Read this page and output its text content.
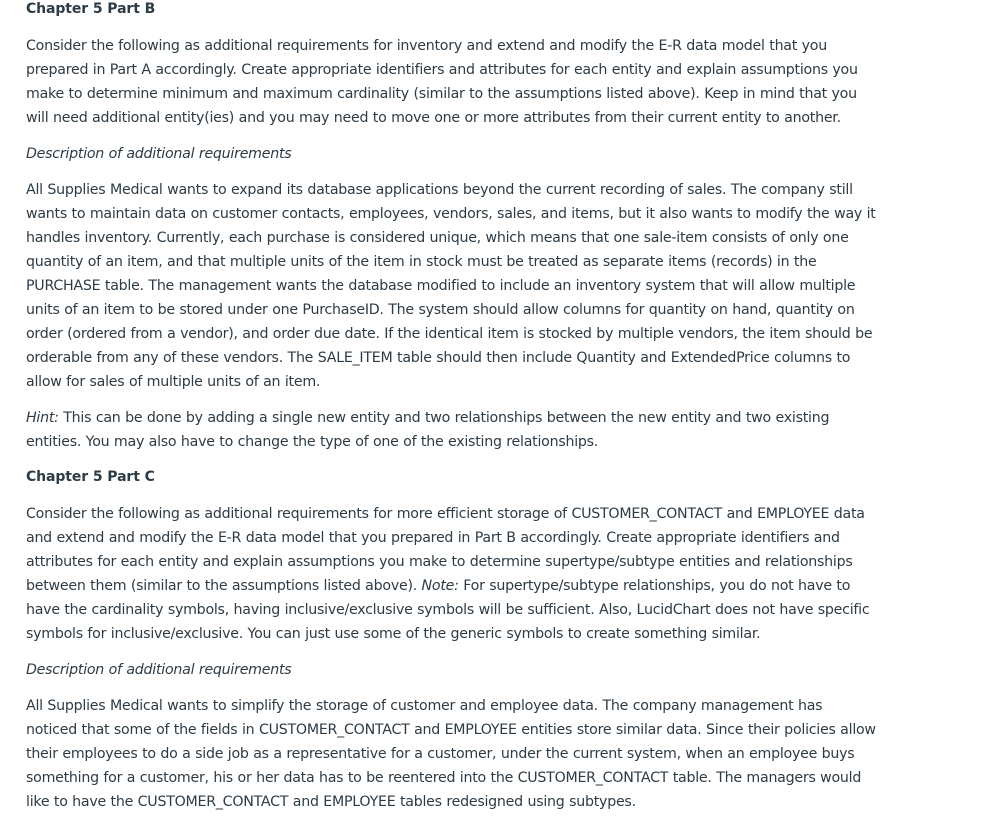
Chapter 5 Part B

Consider the following as additional requirements for inventory and extend and modify the E-R data model that you prepared in Part A accordingly. Create appropriate identifiers and attributes for each entity and explain assumptions you make to determine minimum and maximum cardinality (similar to the assumptions listed above). Keep in mind that you will need additional entity(ies) and you may need to move one or more attributes from their current entity to another.

Description of additional requirements

All Supplies Medical wants to expand its database applications beyond the current recording of sales. The company still wants to maintain data on customer contacts, employees, vendors, sales, and items, but it also wants to modify the way it handles inventory. Currently, each purchase is considered unique, which means that one sale-item consists of only one quantity of an item, and that multiple units of the item in stock must be treated as separate items (records) in the PURCHASE table. The management wants the database modified to include an inventory system that will allow multiple units of an item to be stored under one PurchaseID. The system should allow columns for quantity on hand, quantity on order (ordered from a vendor), and order due date. If the identical item is stocked by multiple vendors, the item should be orderable from any of these vendors. The SALE_ITEM table should then include Quantity and ExtendedPrice columns to allow for sales of multiple units of an item.

Hint: This can be done by adding a single new entity and two relationships between the new entity and two existing entities. You may also have to change the type of one of the existing relationships.

Chapter 5 Part C

Consider the following as additional requirements for more efficient storage of CUSTOMER_CONTACT and EMPLOYEE data and extend and modify the E-R data model that you prepared in Part B accordingly. Create appropriate identifiers and attributes for each entity and explain assumptions you make to determine supertype/subtype entities and relationships between them (similar to the assumptions listed above). Note: For supertype/subtype relationships, you do not have to have the cardinality symbols, having inclusive/exclusive symbols will be sufficient. Also, LucidChart does not have specific symbols for inclusive/exclusive. You can just use some of the generic symbols to create something similar.

Description of additional requirements

All Supplies Medical wants to simplify the storage of customer and employee data. The company management has noticed that some of the fields in CUSTOMER_CONTACT and EMPLOYEE entities store similar data. Since their policies allow their employees to do a side job as a representative for a customer, under the current system, when an employee buys something for a customer, his or her data has to be reentered into the CUSTOMER_CONTACT table. The managers would like to have the CUSTOMER_CONTACT and EMPLOYEE tables redesigned using subtypes.
